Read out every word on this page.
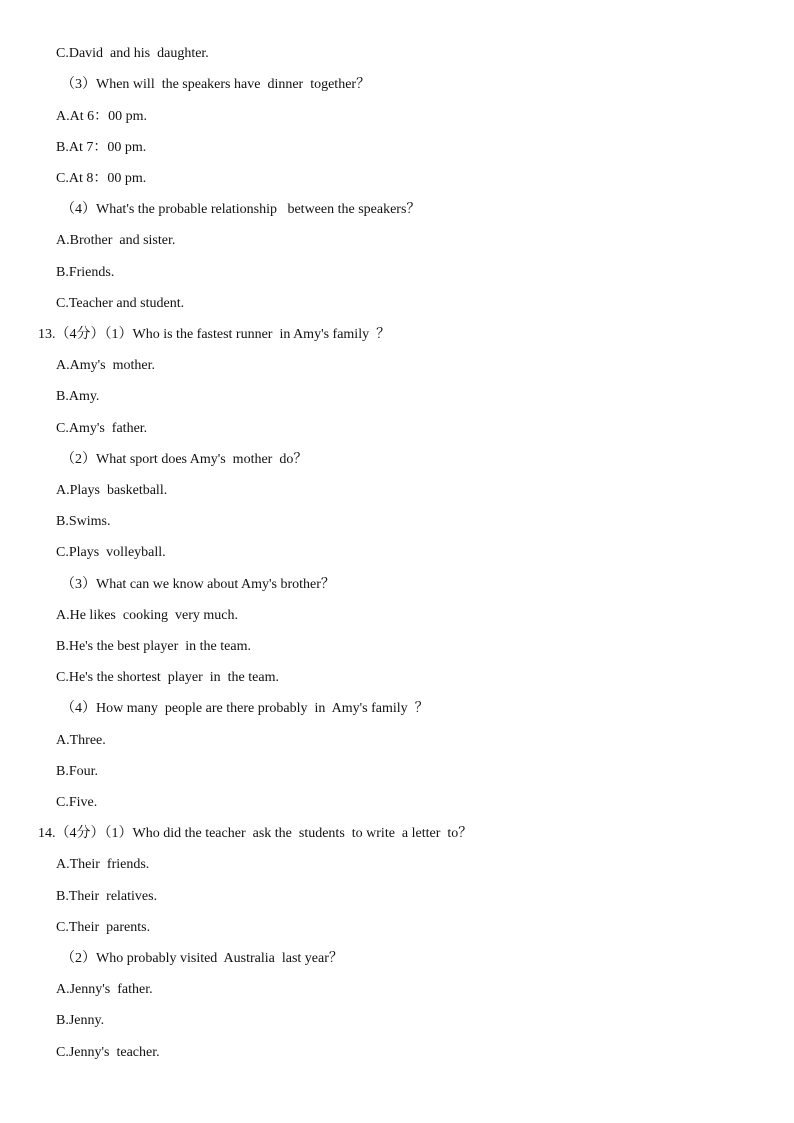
C.David  and his  daughter.
（3）When will  the speakers have  dinner  together？
A.At 6：00 pm.
B.At 7：00 pm.
C.At 8：00 pm.
（4）What's the probable relationship   between the speakers？
A.Brother  and sister.
B.Friends.
C.Teacher and student.
13.（4分）（1）Who is the fastest runner  in Amy's family  ？
A.Amy's  mother.
B.Amy.
C.Amy's  father.
（2）What sport does Amy's  mother  do？
A.Plays  basketball.
B.Swims.
C.Plays  volleyball.
（3）What can we know about Amy's brother？
A.He likes  cooking  very much.
B.He's the best player  in the team.
C.He's the shortest  player  in  the team.
（4）How many  people are there probably  in  Amy's family  ？
A.Three.
B.Four.
C.Five.
14.（4分）（1）Who did the teacher  ask the  students  to write  a letter  to？
A.Their  friends.
B.Their  relatives.
C.Their  parents.
（2）Who probably visited  Australia  last year？
A.Jenny's  father.
B.Jenny.
C.Jenny's  teacher.
